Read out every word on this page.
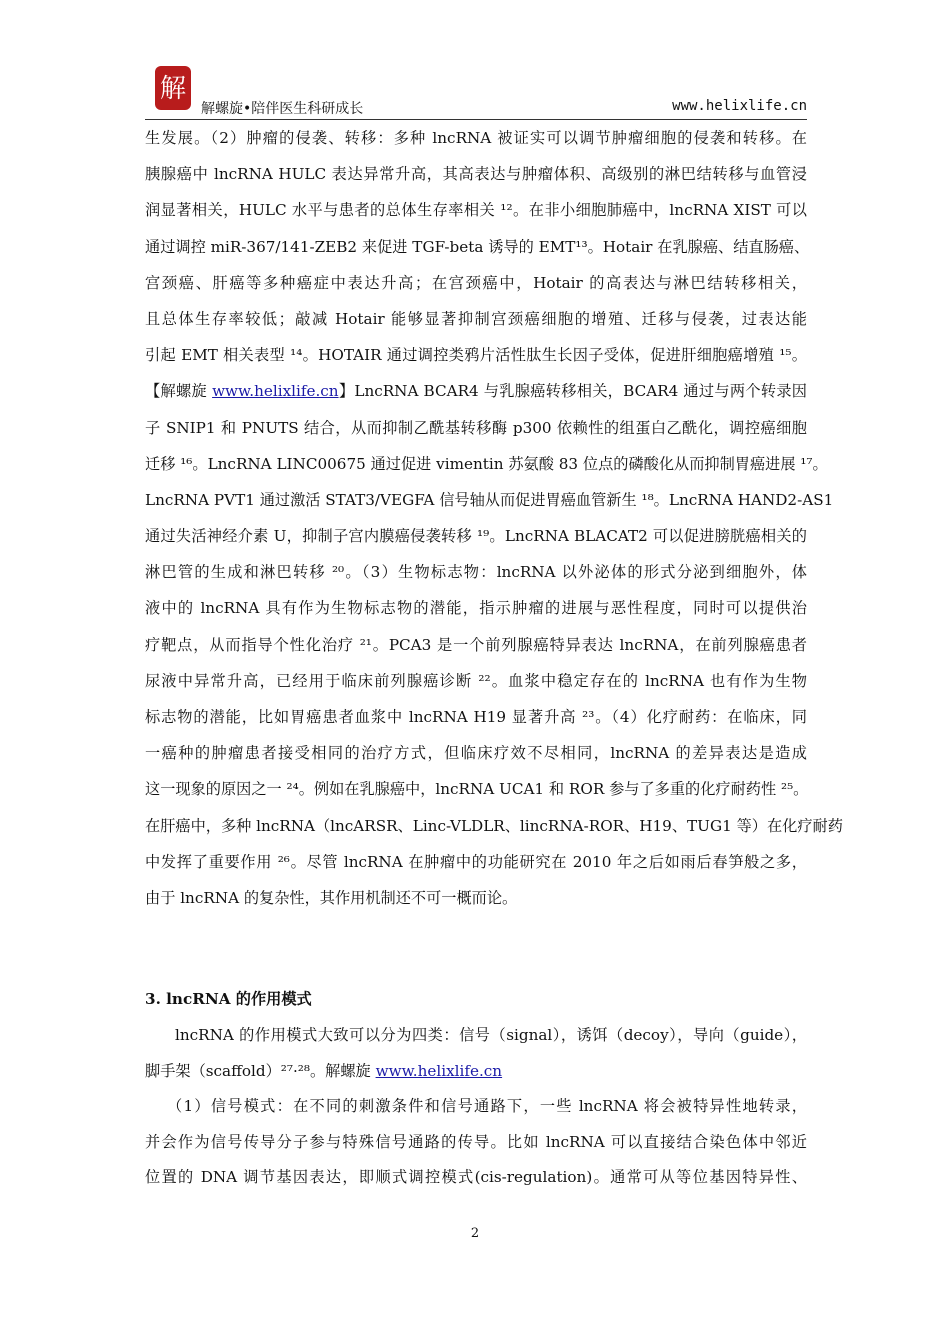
解
解螺旋•陪伴医生科研成长	www.helixlife.cn
生发展。（2）肿瘤的侵袭、转移：多种 lncRNA 被证实可以调节肿瘤细胞的侵袭和转移。在
胰腺癌中 lncRNA HULC 表达异常升高，其高表达与肿瘤体积、高级别的淋巴结转移与血管浸
润显著相关，HULC 水平与患者的总体生存率相关 ¹²。在非小细胞肺癌中，lncRNA XIST 可以
通过调控 miR-367/141-ZEB2 来促进 TGF-beta 诱导的 EMT¹³。Hotair 在乳腺癌、结直肠癌、
宫颈癌、肝癌等多种癌症中表达升高；在宫颈癌中，Hotair 的高表达与淋巴结转移相关，
且总体生存率较低；敲减 Hotair 能够显著抑制宫颈癌细胞的增殖、迁移与侵袭，过表达能
引起 EMT 相关表型 ¹⁴。HOTAIR 通过调控类鸦片活性肽生长因子受体，促进肝细胞癌增殖 ¹⁵。
【解螺旋 www.helixlife.cn】LncRNA BCAR4 与乳腺癌转移相关，BCAR4 通过与两个转录因
子 SNIP1 和 PNUTS 结合，从而抑制乙酰基转移酶 p300 依赖性的组蛋白乙酰化，调控癌细胞
迁移 ¹⁶。LncRNA LINC00675 通过促进 vimentin 苏氨酸 83 位点的磷酸化从而抑制胃癌进展 ¹⁷。
LncRNA PVT1 通过激活 STAT3/VEGFA 信号轴从而促进胃癌血管新生 ¹⁸。LncRNA HAND2-AS1
通过失活神经介素 U，抑制子宫内膜癌侵袭转移 ¹⁹。LncRNA BLACAT2 可以促进膀胱癌相关的
淋巴管的生成和淋巴转移 ²⁰。（3）生物标志物：lncRNA 以外泌体的形式分泌到细胞外，体
液中的 lncRNA 具有作为生物标志物的潜能，指示肿瘤的进展与恶性程度，同时可以提供治
疗靶点，从而指导个性化治疗 ²¹。PCA3 是一个前列腺癌特异表达 lncRNA，在前列腺癌患者
尿液中异常升高，已经用于临床前列腺癌诊断 ²²。血浆中稳定存在的 lncRNA 也有作为生物
标志物的潜能，比如胃癌患者血浆中 lncRNA H19 显著升高 ²³。（4）化疗耐药：在临床，同
一癌种的肿瘤患者接受相同的治疗方式，但临床疗效不尽相同，lncRNA 的差异表达是造成
这一现象的原因之一 ²⁴。例如在乳腺癌中，lncRNA UCA1 和 ROR 参与了多重的化疗耐药性 ²⁵。
在肝癌中，多种 lncRNA（lncARSR、Linc-VLDLR、lincRNA-ROR、H19、TUG1 等）在化疗耐药
中发挥了重要作用 ²⁶。尽管 lncRNA 在肿瘤中的功能研究在 2010 年之后如雨后春笋般之多，
由于 lncRNA 的复杂性，其作用机制还不可一概而论。
3. lncRNA 的作用模式
lncRNA 的作用模式大致可以分为四类：信号（signal），诱饵（decoy），导向（guide），
脚手架（scaffold）²⁷·²⁸。解螺旋 www.helixlife.cn
（1）信号模式：在不同的刺激条件和信号通路下，一些 lncRNA 将会被特异性地转录，
并会作为信号传导分子参与特殊信号通路的传导。比如 lncRNA 可以直接结合染色体中邻近
位置的 DNA 调节基因表达，即顺式调控模式(cis-regulation)。通常可从等位基因特异性、
2
